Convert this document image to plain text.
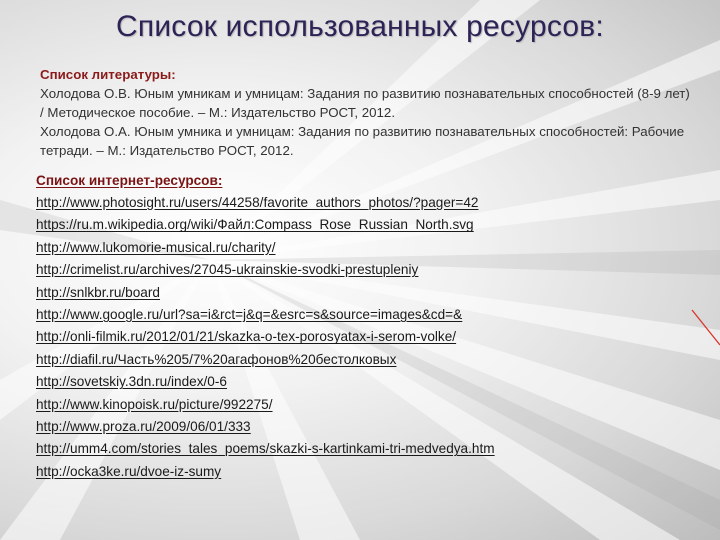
Список использованных ресурсов:
Список литературы:

Холодова О.В. Юным умникам и умницам: Задания по развитию познавательных способностей (8-9 лет) / Методическое пособие. – М.: Издательство РОСТ, 2012.

Холодова О.А. Юным умника и умницам: Задания по развитию познавательных способностей: Рабочие тетради. – М.: Издательство РОСТ, 2012.

Список интернет-ресурсов:
http://www.photosight.ru/users/44258/favorite_authors_photos/?pager=42
https://ru.m.wikipedia.org/wiki/Файл:Compass_Rose_Russian_North.svg
http://www.lukomorie-musical.ru/charity/
http://crimelist.ru/archives/27045-ukrainskie-svodki-prestupleniy
http://snlkbr.ru/board
http://www.google.ru/url?sa=i&rct=j&q=&esrc=s&source=images&cd=&
http://onli-filmik.ru/2012/01/21/skazka-o-tex-porosyatax-i-serom-volke/
http://diafil.ru/Часть%205/7%20агафонов%20бестолковых
http://sovetskiy.3dn.ru/index/0-6
http://www.kinopoisk.ru/picture/992275/
http://www.proza.ru/2009/06/01/333
http://umm4.com/stories_tales_poems/skazki-s-kartinkami-tri-medvedya.htm
http://ocka3ke.ru/dvoe-iz-sumy
